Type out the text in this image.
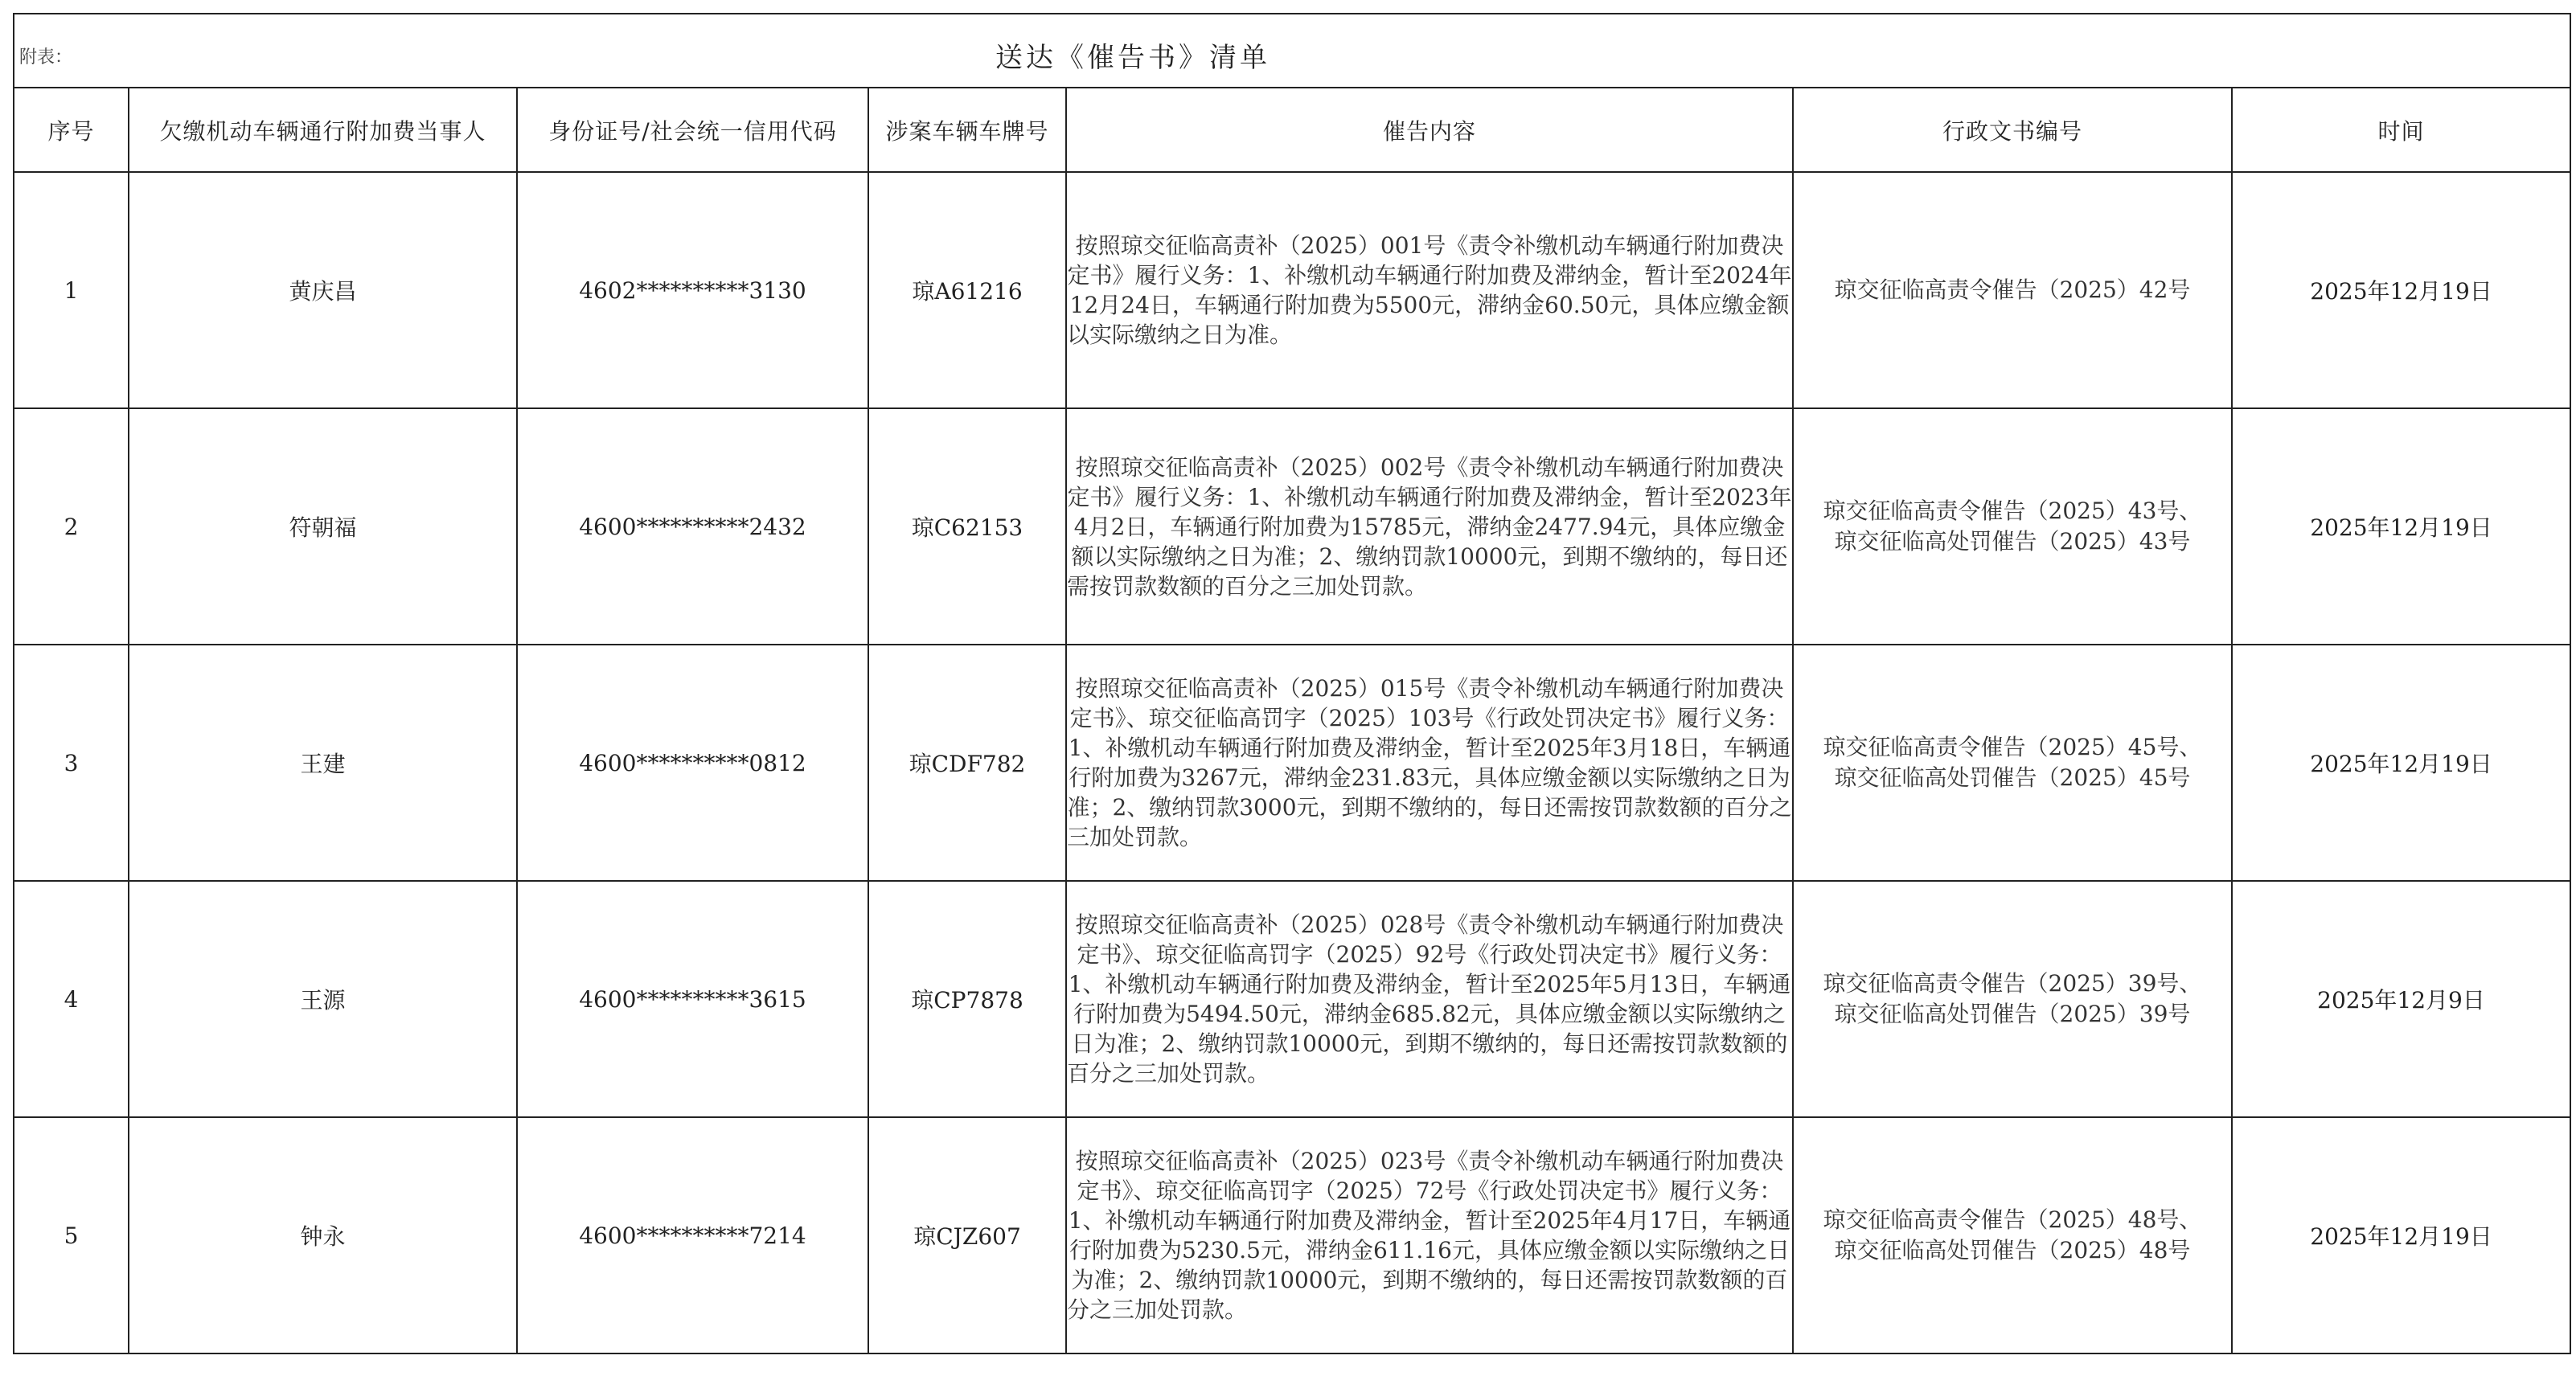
附表： 送达《催告书》清单						

序号	欠缴机动车辆通行附加费当事人	身份证号/社会统一信用代码	涉案车辆车牌号	催告内容	行政文书编号	时间
1	黄庆昌	4602**********3130	琼A61216	按照琼交征临高责补（2025）001号《责令补缴机动车辆通行附加费决定书》履行义务：1、补缴机动车辆通行附加费及滞纳金，暂计至2024年12月24日，车辆通行附加费为5500元，滞纳金60.50元，具体应缴金额以实际缴纳之日为准。	琼交征临高责令催告（2025）42号	2025年12月19日
2	符朝福	4600**********2432	琼C62153	按照琼交征临高责补（2025）002号《责令补缴机动车辆通行附加费决定书》履行义务：1、补缴机动车辆通行附加费及滞纳金，暂计至2023年4月2日，车辆通行附加费为15785元，滞纳金2477.94元，具体应缴金额以实际缴纳之日为准；2、缴纳罚款10000元，到期不缴纳的，每日还需按罚款数额的百分之三加处罚款。	琼交征临高责令催告（2025）43号、
琼交征临高处罚催告（2025）43号	2025年12月19日
3	王建	4600**********0812	琼CDF782	按照琼交征临高责补（2025）015号《责令补缴机动车辆通行附加费决定书》、琼交征临高罚字（2025）103号《行政处罚决定书》履行义务：1、补缴机动车辆通行附加费及滞纳金，暂计至2025年3月18日，车辆通行附加费为3267元，滞纳金231.83元，具体应缴金额以实际缴纳之日为准；2、缴纳罚款3000元，到期不缴纳的，每日还需按罚款数额的百分之三加处罚款。	琼交征临高责令催告（2025）45号、
琼交征临高处罚催告（2025）45号	2025年12月19日
4	王源	4600**********3615	琼CP7878	按照琼交征临高责补（2025）028号《责令补缴机动车辆通行附加费决定书》、琼交征临高罚字（2025）92号《行政处罚决定书》履行义务：1、补缴机动车辆通行附加费及滞纳金，暂计至2025年5月13日，车辆通行附加费为5494.50元，滞纳金685.82元，具体应缴金额以实际缴纳之日为准；2、缴纳罚款10000元，到期不缴纳的，每日还需按罚款数额的百分之三加处罚款。	琼交征临高责令催告（2025）39号、
琼交征临高处罚催告（2025）39号	2025年12月9日
5	钟永	4600**********7214	琼CJZ607	按照琼交征临高责补（2025）023号《责令补缴机动车辆通行附加费决定书》、琼交征临高罚字（2025）72号《行政处罚决定书》履行义务：1、补缴机动车辆通行附加费及滞纳金，暂计至2025年4月17日，车辆通行附加费为5230.5元，滞纳金611.16元，具体应缴金额以实际缴纳之日为准；2、缴纳罚款10000元，到期不缴纳的，每日还需按罚款数额的百分之三加处罚款。	琼交征临高责令催告（2025）48号、
琼交征临高处罚催告（2025）48号	2025年12月19日
